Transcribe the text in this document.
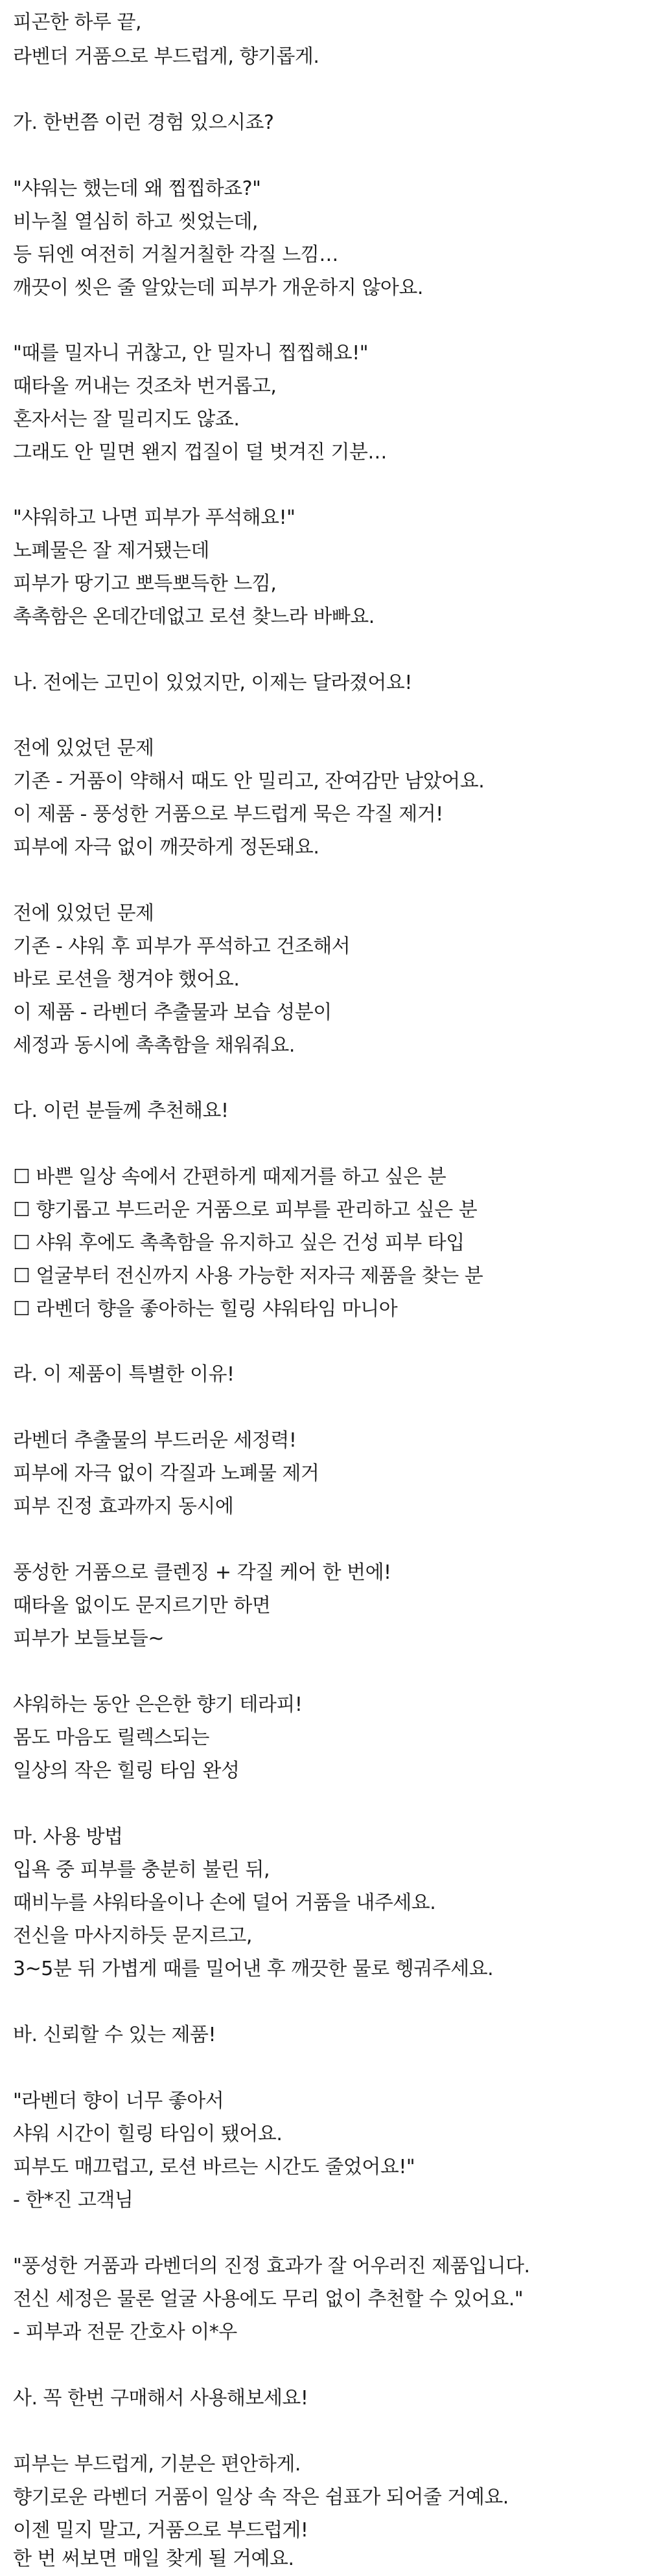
피곤한 하루 끝,
라벤더 거품으로 부드럽게, 향기롭게.
가. 한번쯤 이런 경험 있으시죠?
"샤워는 했는데 왜 찝찝하죠?"
비누칠 열심히 하고 씻었는데,
등 뒤엔 여전히 거칠거칠한 각질 느낌…
깨끗이 씻은 줄 알았는데 피부가 개운하지 않아요.
"때를 밀자니 귀찮고, 안 밀자니 찝찝해요!"
때타올 꺼내는 것조차 번거롭고,
혼자서는 잘 밀리지도 않죠.
그래도 안 밀면 왠지 껍질이 덜 벗겨진 기분…
"샤워하고 나면 피부가 푸석해요!"
노폐물은 잘 제거됐는데
피부가 땅기고 뽀득뽀득한 느낌,
촉촉함은 온데간데없고 로션 찾느라 바빠요.
나. 전에는 고민이 있었지만, 이제는 달라졌어요!
전에 있었던 문제
기존 - 거품이 약해서 때도 안 밀리고, 잔여감만 남았어요.
이 제품 - 풍성한 거품으로 부드럽게 묵은 각질 제거!
피부에 자극 없이 깨끗하게 정돈돼요.
전에 있었던 문제
기존 - 샤워 후 피부가 푸석하고 건조해서
바로 로션을 챙겨야 했어요.
이 제품 - 라벤더 추출물과 보습 성분이
세정과 동시에 촉촉함을 채워줘요.
다. 이런 분들께 추천해요!
☐ 바쁜 일상 속에서 간편하게 때제거를 하고 싶은 분
☐ 향기롭고 부드러운 거품으로 피부를 관리하고 싶은 분
☐ 샤워 후에도 촉촉함을 유지하고 싶은 건성 피부 타입
☐ 얼굴부터 전신까지 사용 가능한 저자극 제품을 찾는 분
☐ 라벤더 향을 좋아하는 힐링 샤워타임 마니아
라. 이 제품이 특별한 이유!
라벤더 추출물의 부드러운 세정력!
피부에 자극 없이 각질과 노폐물 제거
피부 진정 효과까지 동시에
풍성한 거품으로 클렌징 + 각질 케어 한 번에!
때타올 없이도 문지르기만 하면
피부가 보들보들~
샤워하는 동안 은은한 향기 테라피!
몸도 마음도 릴렉스되는
일상의 작은 힐링 타임 완성
마. 사용 방법
입욕 중 피부를 충분히 불린 뒤,
때비누를 샤워타올이나 손에 덜어 거품을 내주세요.
전신을 마사지하듯 문지르고,
3~5분 뒤 가볍게 때를 밀어낸 후 깨끗한 물로 헹궈주세요.
바. 신뢰할 수 있는 제품!
"라벤더 향이 너무 좋아서
샤워 시간이 힐링 타임이 됐어요.
피부도 매끄럽고, 로션 바르는 시간도 줄었어요!"
- 한*진 고객님
"풍성한 거품과 라벤더의 진정 효과가 잘 어우러진 제품입니다.
전신 세정은 물론 얼굴 사용에도 무리 없이 추천할 수 있어요."
- 피부과 전문 간호사 이*우
사. 꼭 한번 구매해서 사용해보세요!
피부는 부드럽게, 기분은 편안하게.
향기로운 라벤더 거품이 일상 속 작은 쉼표가 되어줄 거예요.
이젠 밀지 말고, 거품으로 부드럽게!
한 번 써보면 매일 찾게 될 거예요.
